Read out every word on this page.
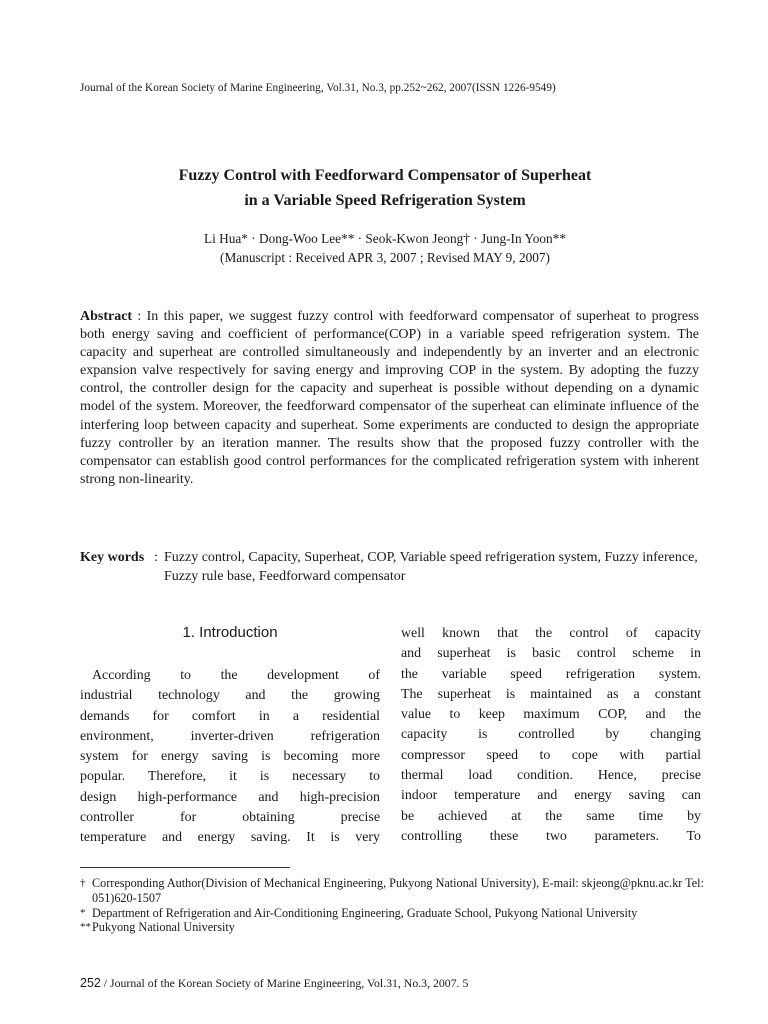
Journal of the Korean Society of Marine Engineering, Vol.31, No.3, pp.252~262, 2007(ISSN 1226-9549)
Fuzzy Control with Feedforward Compensator of Superheat
in a Variable Speed Refrigeration System
Li Hua* · Dong-Woo Lee** · Seok-Kwon Jeong† · Jung-In Yoon**
(Manuscript : Received APR 3, 2007 ; Revised MAY 9, 2007)
Abstract : In this paper, we suggest fuzzy control with feedforward compensator of superheat to progress both energy saving and coefficient of performance(COP) in a variable speed refrigeration system. The capacity and superheat are controlled simultaneously and independently by an inverter and an electronic expansion valve respectively for saving energy and improving COP in the system. By adopting the fuzzy control, the controller design for the capacity and superheat is possible without depending on a dynamic model of the system. Moreover, the feedforward compensator of the superheat can eliminate influence of the interfering loop between capacity and superheat. Some experiments are conducted to design the appropriate fuzzy controller by an iteration manner. The results show that the proposed fuzzy controller with the compensator can establish good control performances for the complicated refrigeration system with inherent strong non-linearity.
Key words : Fuzzy control, Capacity, Superheat, COP, Variable speed refrigeration system, Fuzzy inference, Fuzzy rule base, Feedforward compensator
1. Introduction
According to the development of
industrial technology and the growing
demands for comfort in a residential
environment, inverter-driven refrigeration
system for energy saving is becoming more
popular. Therefore, it is necessary to
design high-performance and high-precision
controller for obtaining precise
temperature and energy saving. It is very
well known that the control of capacity
and superheat is basic control scheme in
the variable speed refrigeration system.
The superheat is maintained as a constant
value to keep maximum COP, and the
capacity is controlled by changing
compressor speed to cope with partial
thermal load condition. Hence, precise
indoor temperature and energy saving can
be achieved at the same time by
controlling these two parameters. To
† Corresponding Author(Division of Mechanical Engineering, Pukyong National University), E-mail: skjeong@pknu.ac.kr Tel: 051)620-1507
* Department of Refrigeration and Air-Conditioning Engineering, Graduate School, Pukyong National University
** Pukyong National University
252 / Journal of the Korean Society of Marine Engineering, Vol.31, No.3, 2007. 5
